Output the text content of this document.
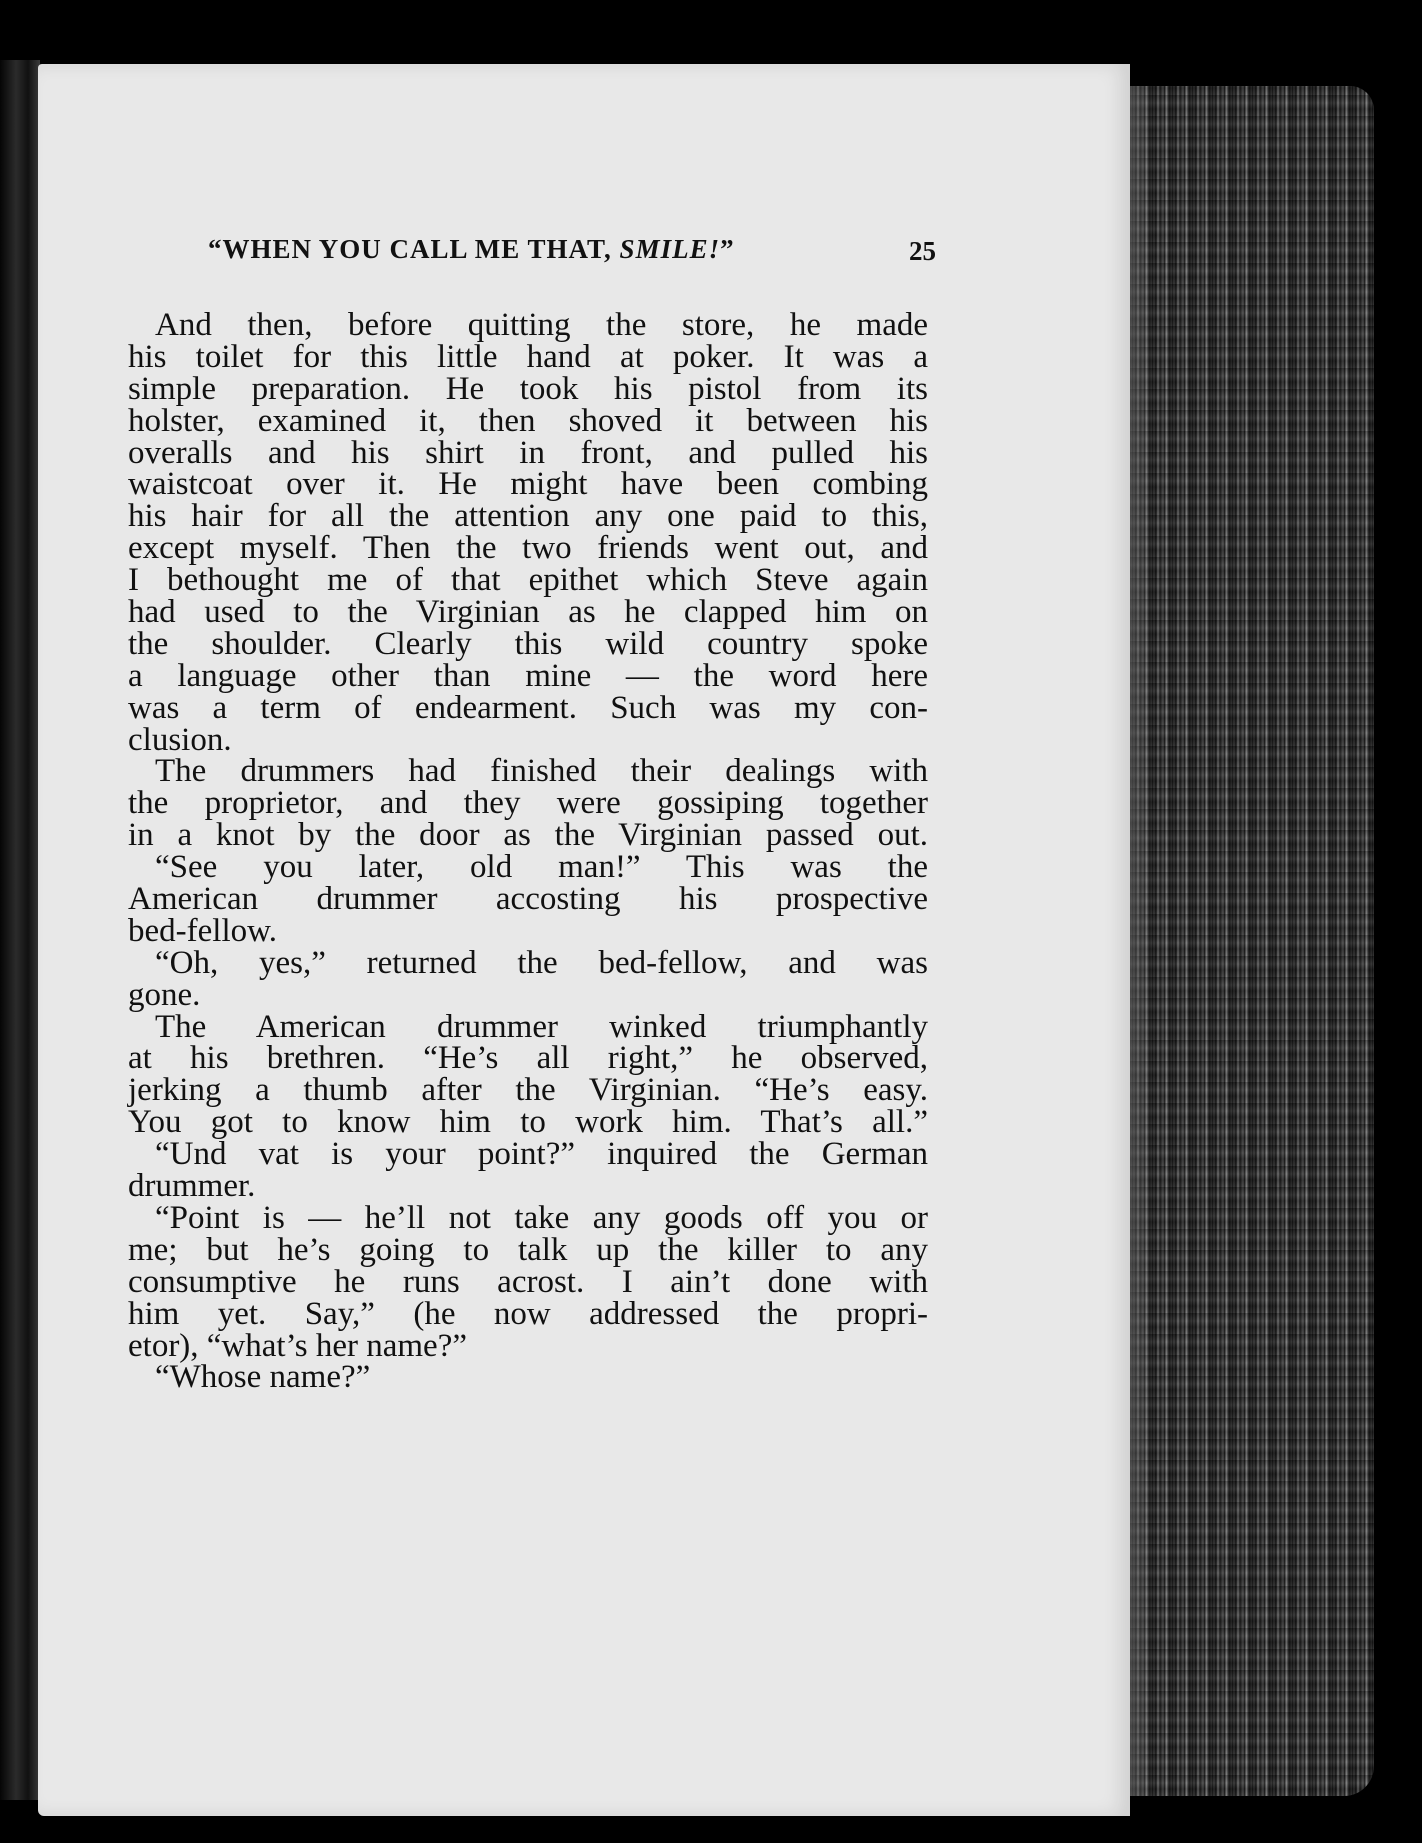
“WHEN YOU CALL ME THAT, SMILE!”	25
And then, before quitting the store, he made
his toilet for this little hand at poker. It was a
simple preparation. He took his pistol from its
holster, examined it, then shoved it between his
overalls and his shirt in front, and pulled his
waistcoat over it. He might have been combing
his hair for all the attention any one paid to this,
except myself. Then the two friends went out, and
I bethought me of that epithet which Steve again
had used to the Virginian as he clapped him on
the shoulder. Clearly this wild country spoke
a language other than mine — the word here
was a term of endearment. Such was my con-
clusion.
The drummers had finished their dealings with
the proprietor, and they were gossiping together
in a knot by the door as the Virginian passed out.
“See you later, old man!” This was the
American drummer accosting his prospective
bed-fellow.
“Oh, yes,” returned the bed-fellow, and was
gone.
The American drummer winked triumphantly
at his brethren. “He’s all right,” he observed,
jerking a thumb after the Virginian. “He’s easy.
You got to know him to work him. That’s all.”
“Und vat is your point?” inquired the German
drummer.
“Point is — he’ll not take any goods off you or
me; but he’s going to talk up the killer to any
consumptive he runs acrost. I ain’t done with
him yet. Say,” (he now addressed the propri-
etor), “what’s her name?”
“Whose name?”
